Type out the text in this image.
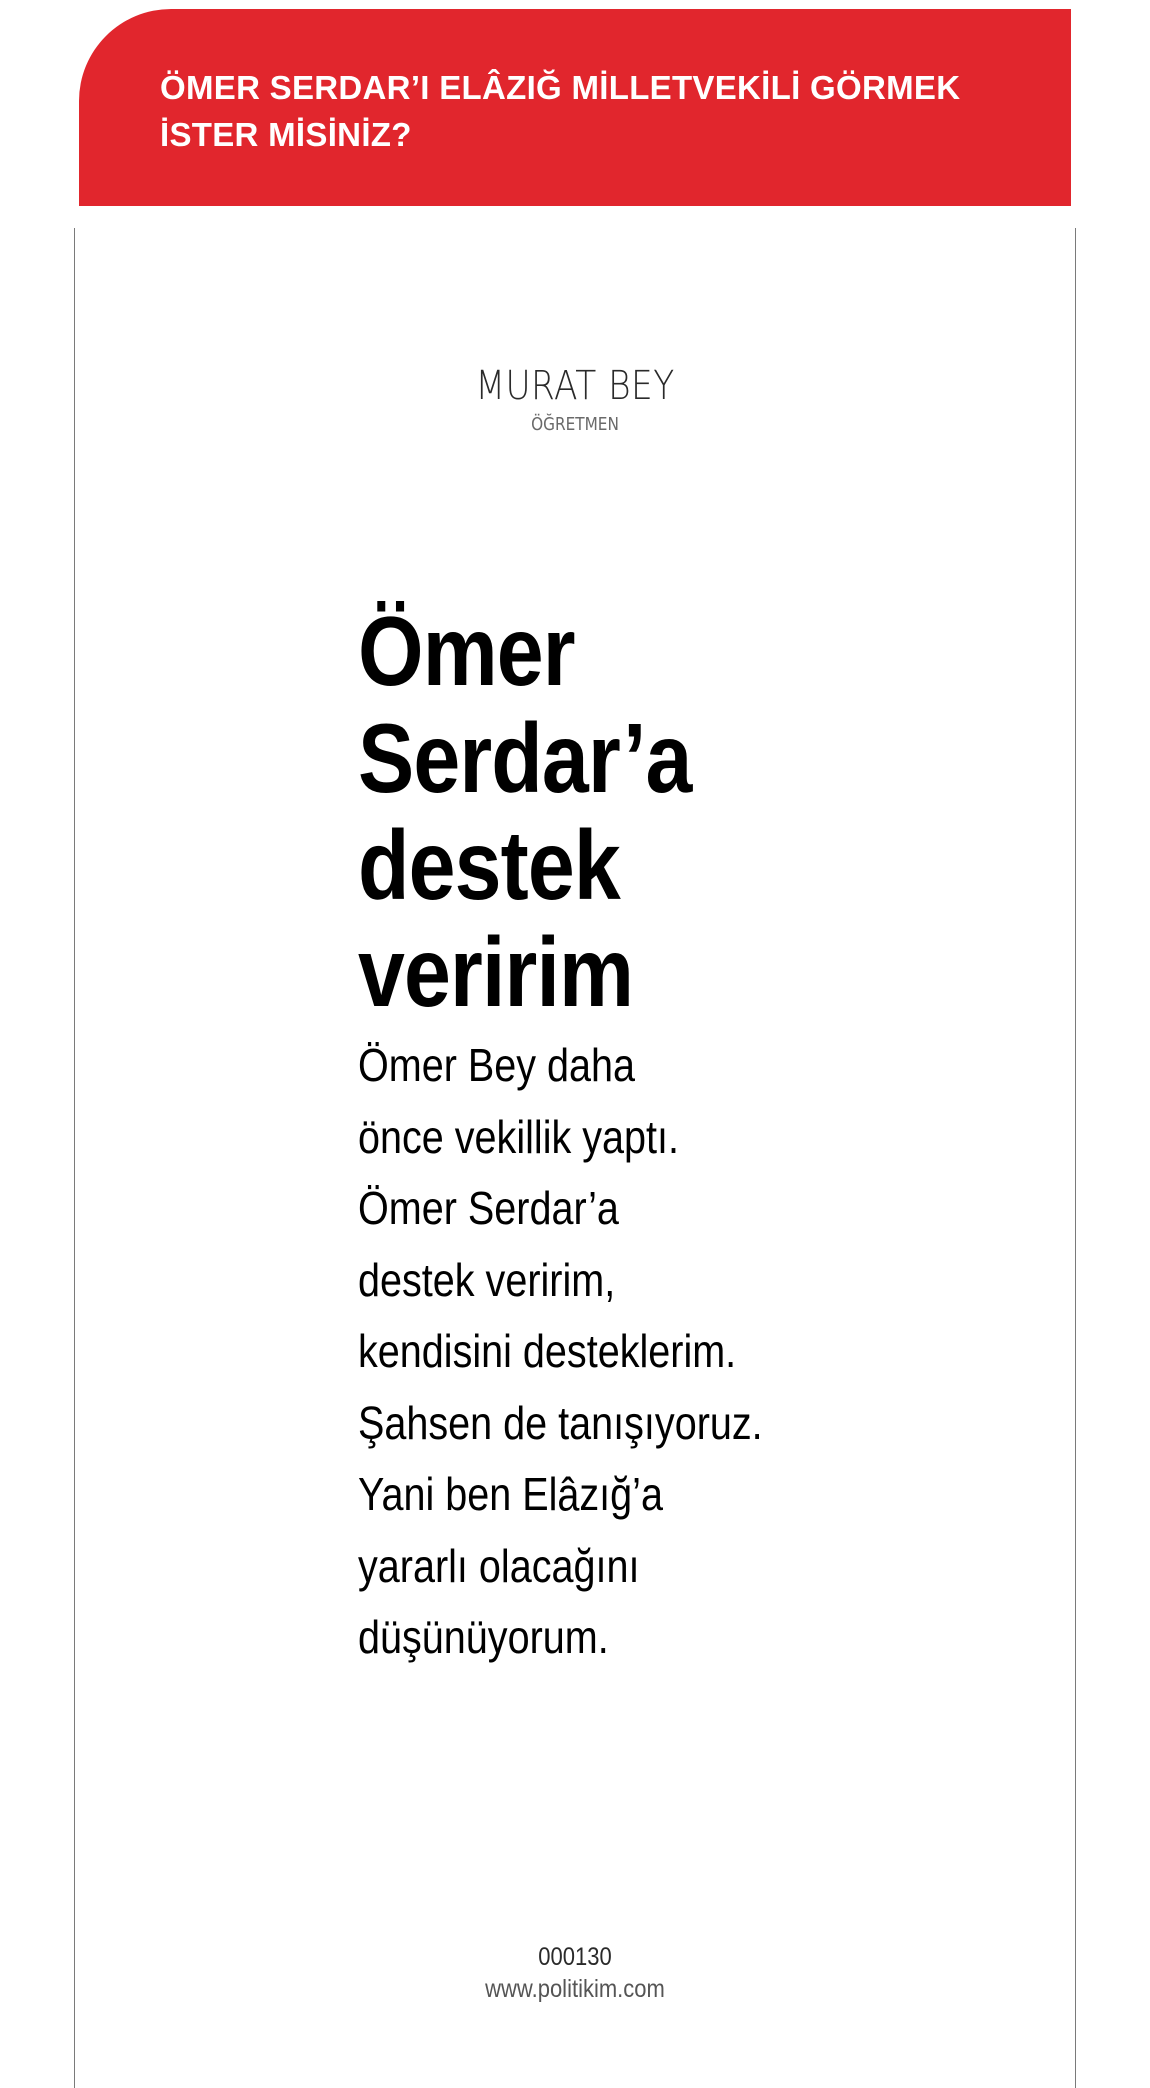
ÖMER SERDAR’I ELÂZIĞ MİLLETVEKİLİ GÖRMEK
İSTER MİSİNİZ?

MURAT BEY
ÖĞRETMEN
Ömer
Serdar’a
destek
veririm
Ömer Bey daha
önce vekillik yaptı.
Ömer Serdar’a
destek veririm,
kendisini desteklerim.
Şahsen de tanışıyoruz.
Yani ben Elâzığ’a
yararlı olacağını
düşünüyorum.
000130
www.politikim.com
